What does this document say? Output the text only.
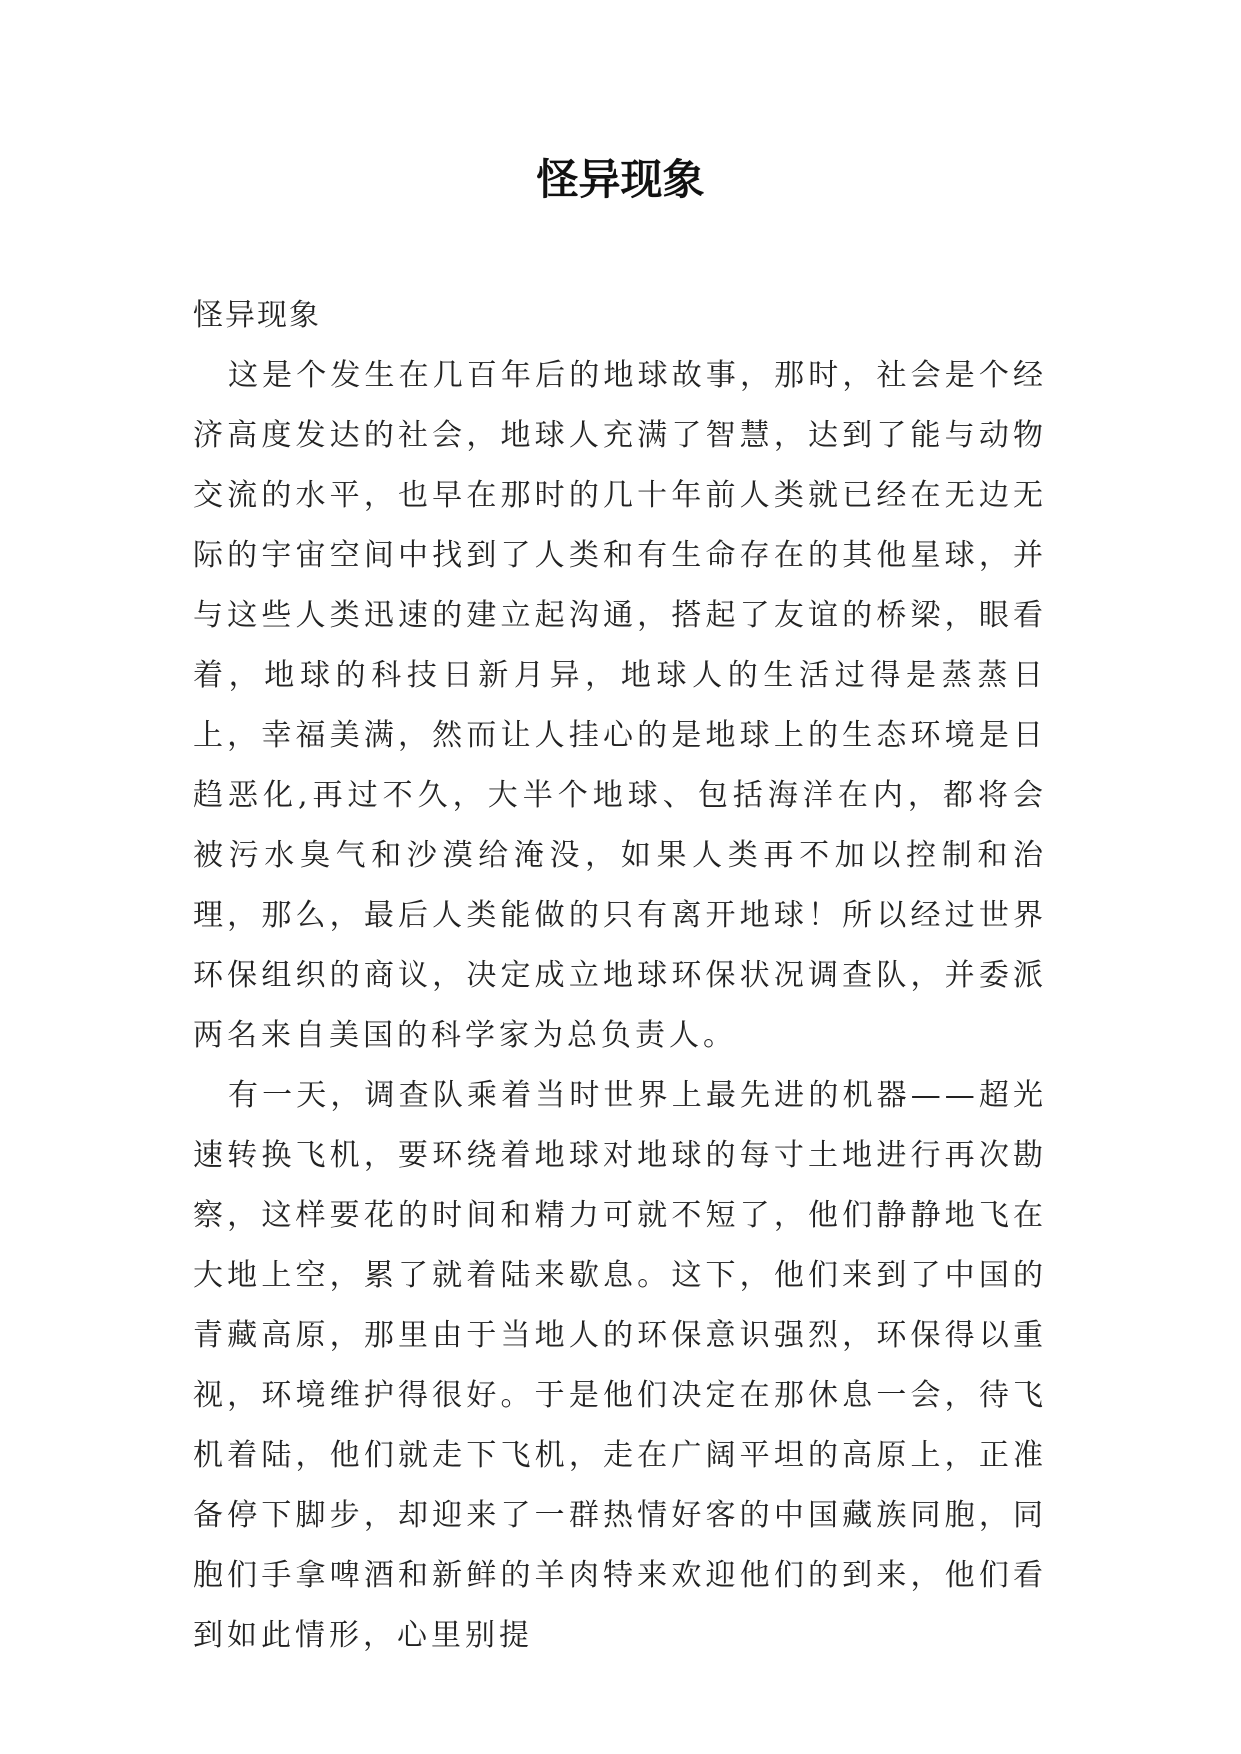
怪异现象

怪异现象

这是个发生在几百年后的地球故事，那时，社会是个经济高度发达的社会，地球人充满了智慧，达到了能与动物交流的水平，也早在那时的几十年前人类就已经在无边无际的宇宙空间中找到了人类和有生命存在的其他星球，并与这些人类迅速的建立起沟通，搭起了友谊的桥梁，眼看着，地球的科技日新月异，地球人的生活过得是蒸蒸日上，幸福美满，然而让人挂心的是地球上的生态环境是日趋恶化,再过不久，大半个地球、包括海洋在内，都将会被污水臭气和沙漠给淹没，如果人类再不加以控制和治理，那么，最后人类能做的只有离开地球！所以经过世界环保组织的商议，决定成立地球环保状况调查队，并委派两名来自美国的科学家为总负责人。

有一天，调查队乘着当时世界上最先进的机器——超光速转换飞机，要环绕着地球对地球的每寸土地进行再次勘察，这样要花的时间和精力可就不短了，他们静静地飞在大地上空，累了就着陆来歇息。这下，他们来到了中国的青藏高原，那里由于当地人的环保意识强烈，环保得以重视，环境维护得很好。于是他们决定在那休息一会，待飞机着陆，他们就走下飞机，走在广阔平坦的高原上，正准备停下脚步，却迎来了一群热情好客的中国藏族同胞，同胞们手拿啤酒和新鲜的羊肉特来欢迎他们的到来，他们看到如此情形，心里别提
